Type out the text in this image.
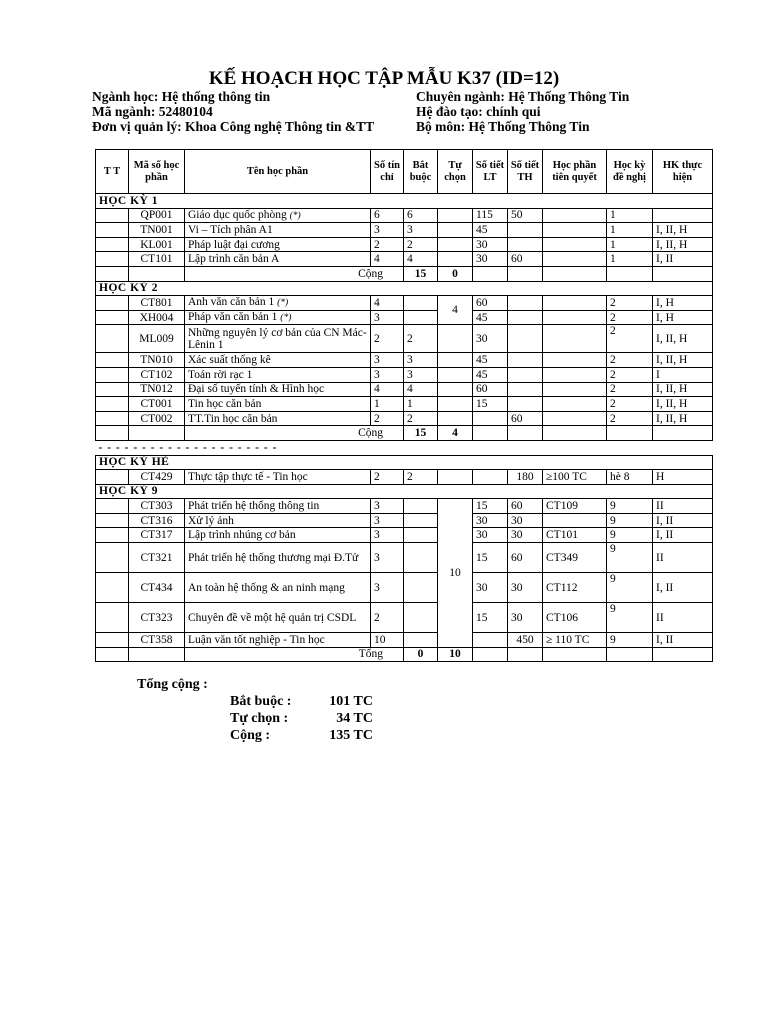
KẾ HOẠCH HỌC TẬP MẪU K37 (ID=12)
Ngành học: Hệ thống thông tin
Mã ngành: 52480104
Đơn vị quản lý: Khoa Công nghệ Thông tin &TT
Chuyên ngành: Hệ Thống Thông Tin
Hệ đào tạo: chính qui
Bộ môn: Hệ Thống Thông Tin
T T	Mã số học phần	Tên học phần	Số tín chỉ	Bắt buộc	Tự chọn	Số tiết LT	Số tiết TH	Học phần tiên quyết	Học kỳ đề nghị	HK thực hiện
HỌC KỲ 1										
	QP001	Giáo dục quốc phòng (*)	6	6		115	50		1	
	TN001	Vi – Tích phân A1	3	3		45			1	I, II, H
	KL001	Pháp luật đại cương	2	2		30			1	I, II, H
	CT101	Lập trình căn bản A	4	4		30	60		1	I, II
		Cộng		15	0					
HỌC KỲ 2										
	CT801	Anh văn căn bản 1 (*)	4		4	60			2	I, H
	XH004	Pháp văn căn bản 1 (*)	3			45			2	I, H
	ML009	Những nguyên lý cơ bản của CN Mác-Lênin 1	2	2		30			2	I, II, H
	TN010	Xác suất thống kê	3	3		45			2	I, II, H
	CT102	Toán rời rạc 1	3	3		45			2	I
	TN012	Đại số tuyến tính & Hình học	4	4		60			2	I, II, H
	CT001	Tin học căn bản	1	1		15			2	I, II, H
	CT002	TT.Tin học căn bản	2	2			60		2	I, II, H
		Cộng		15	4					
- - - - - - - - - - - - - - - - - - - - -										
HỌC KỲ HÈ										
	CT429	Thực tập thực tế - Tin học	2	2			180	≥100 TC	hè 8	H
HỌC KỲ 9										
	CT303	Phát triển hệ thống thông tin	3		10	15	60	CT109	9	II
	CT316	Xử lý ảnh	3			30	30		9	I, II
	CT317	Lập trình nhúng cơ bản	3			30	30	CT101	9	I, II
	CT321	Phát triển hệ thống thương mại Đ.Tử	3			15	60	CT349	9	II
	CT434	An toàn hệ thống & an ninh mạng	3			30	30	CT112	9	I, II
	CT323	Chuyên đề về một hệ quản trị CSDL	2			15	30	CT106	9	II
	CT358	Luận văn tốt nghiệp - Tin học	10				450	≥ 110 TC	9	I, II
		Tổng		0	10					
Tổng cộng :
Bắt buộc :	101 TC
Tự chọn :	34 TC
Cộng :	135 TC
